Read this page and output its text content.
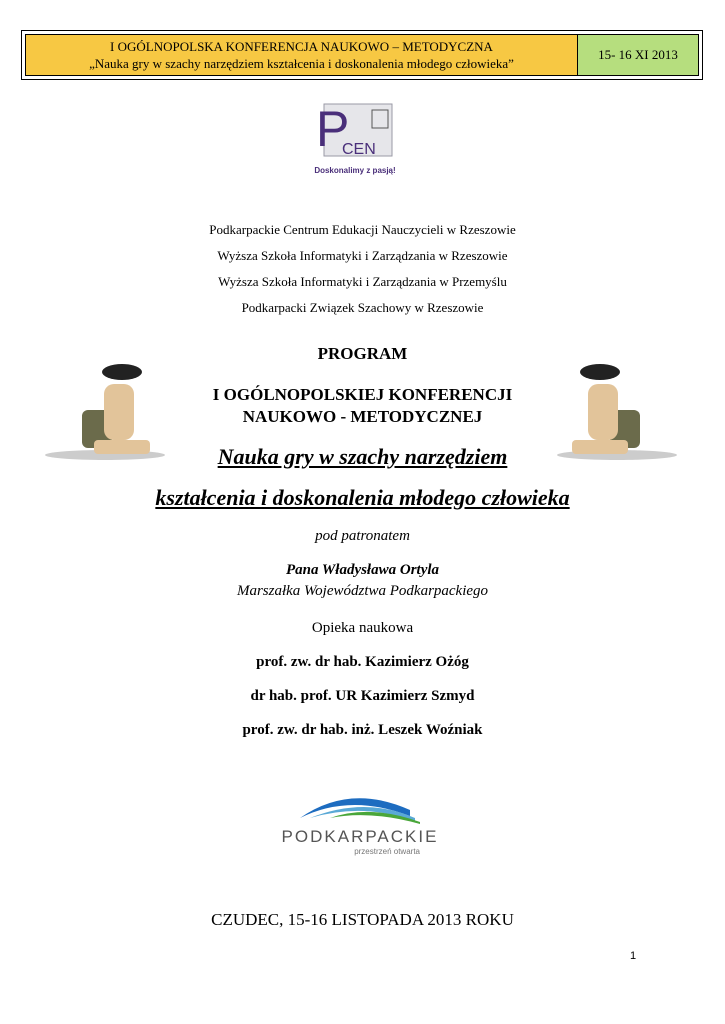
I OGÓLNOPOLSKA KONFERENCJA NAUKOWO – METODYCZNA
„Nauka gry w szachy narzędziem kształcenia i doskonalenia młodego człowieka”
15- 16 XI 2013
P
CEN
Doskonalimy z pasją!
Podkarpackie Centrum Edukacji Nauczycieli w Rzeszowie
Wyższa Szkoła Informatyki i Zarządzania w Rzeszowie
Wyższa Szkoła Informatyki i Zarządzania w Przemyślu
Podkarpacki Związek Szachowy w Rzeszowie
PROGRAM
I OGÓLNOPOLSKIEJ KONFERENCJI
NAUKOWO - METODYCZNEJ
Nauka gry w szachy narzędziem
kształcenia i doskonalenia młodego człowieka
pod patronatem
Pana Władysława Ortyla
Marszałka Województwa Podkarpackiego
Opieka naukowa
prof. zw. dr hab. Kazimierz Ożóg
dr hab. prof. UR Kazimierz Szmyd
prof. zw. dr hab. inż. Leszek Woźniak
PODKARPACKIE
przestrzeń otwarta
CZUDEC, 15-16 LISTOPADA 2013 ROKU
1
